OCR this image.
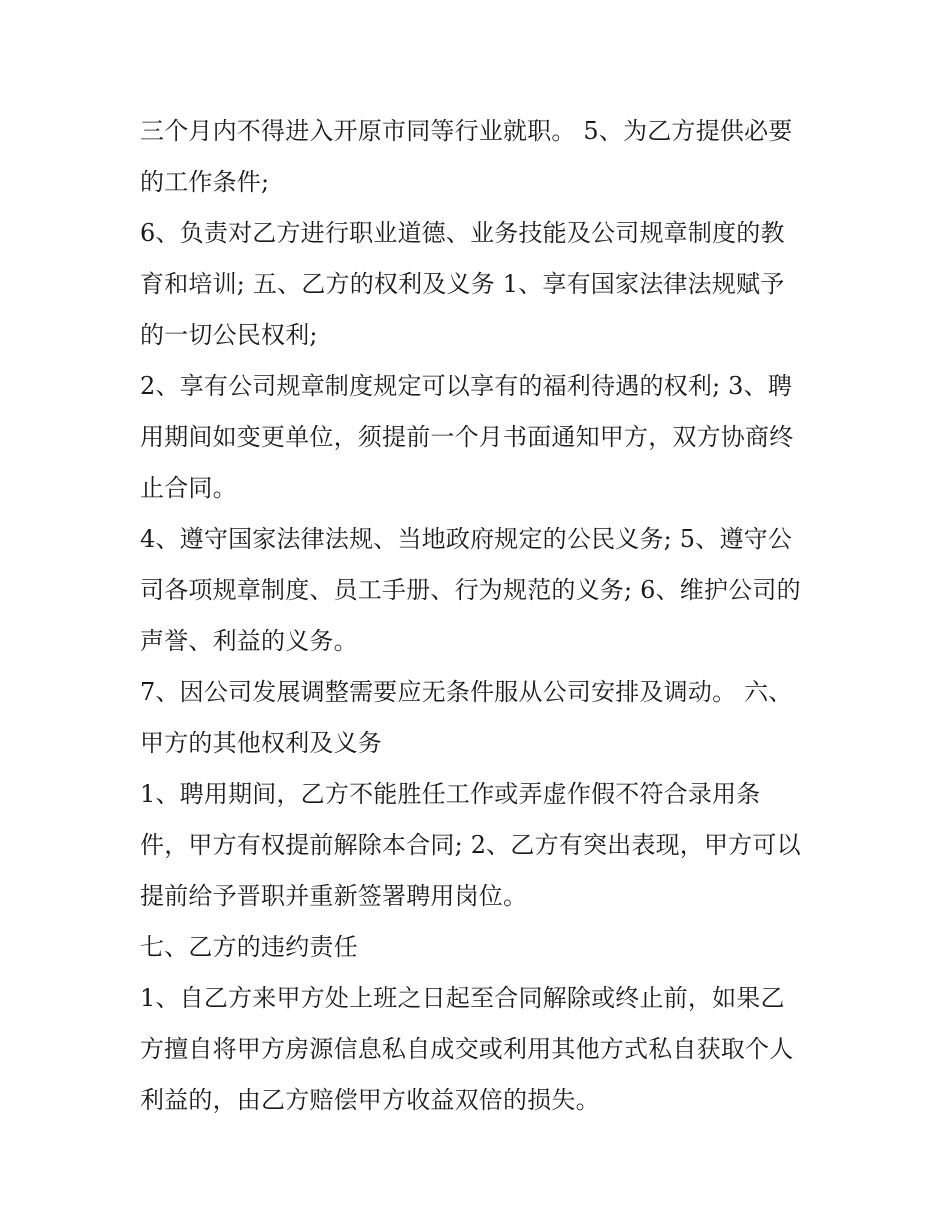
三个月内不得进入开原市同等行业就职。 5、为乙方提供必要
的工作条件;

6、负责对乙方进行职业道德、业务技能及公司规章制度的教
育和培训; 五、乙方的权利及义务 1、享有国家法律法规赋予
的一切公民权利;

2、享有公司规章制度规定可以享有的福利待遇的权利; 3、聘
用期间如变更单位，须提前一个月书面通知甲方，双方协商终
止合同。

4、遵守国家法律法规、当地政府规定的公民义务; 5、遵守公
司各项规章制度、员工手册、行为规范的义务; 6、维护公司的
声誉、利益的义务。

7、因公司发展调整需要应无条件服从公司安排及调动。 六、
甲方的其他权利及义务

1、聘用期间，乙方不能胜任工作或弄虚作假不符合录用条
件，甲方有权提前解除本合同; 2、乙方有突出表现，甲方可以
提前给予晋职并重新签署聘用岗位。

七、乙方的违约责任

1、自乙方来甲方处上班之日起至合同解除或终止前，如果乙
方擅自将甲方房源信息私自成交或利用其他方式私自获取个人
利益的，由乙方赔偿甲方收益双倍的损失。
